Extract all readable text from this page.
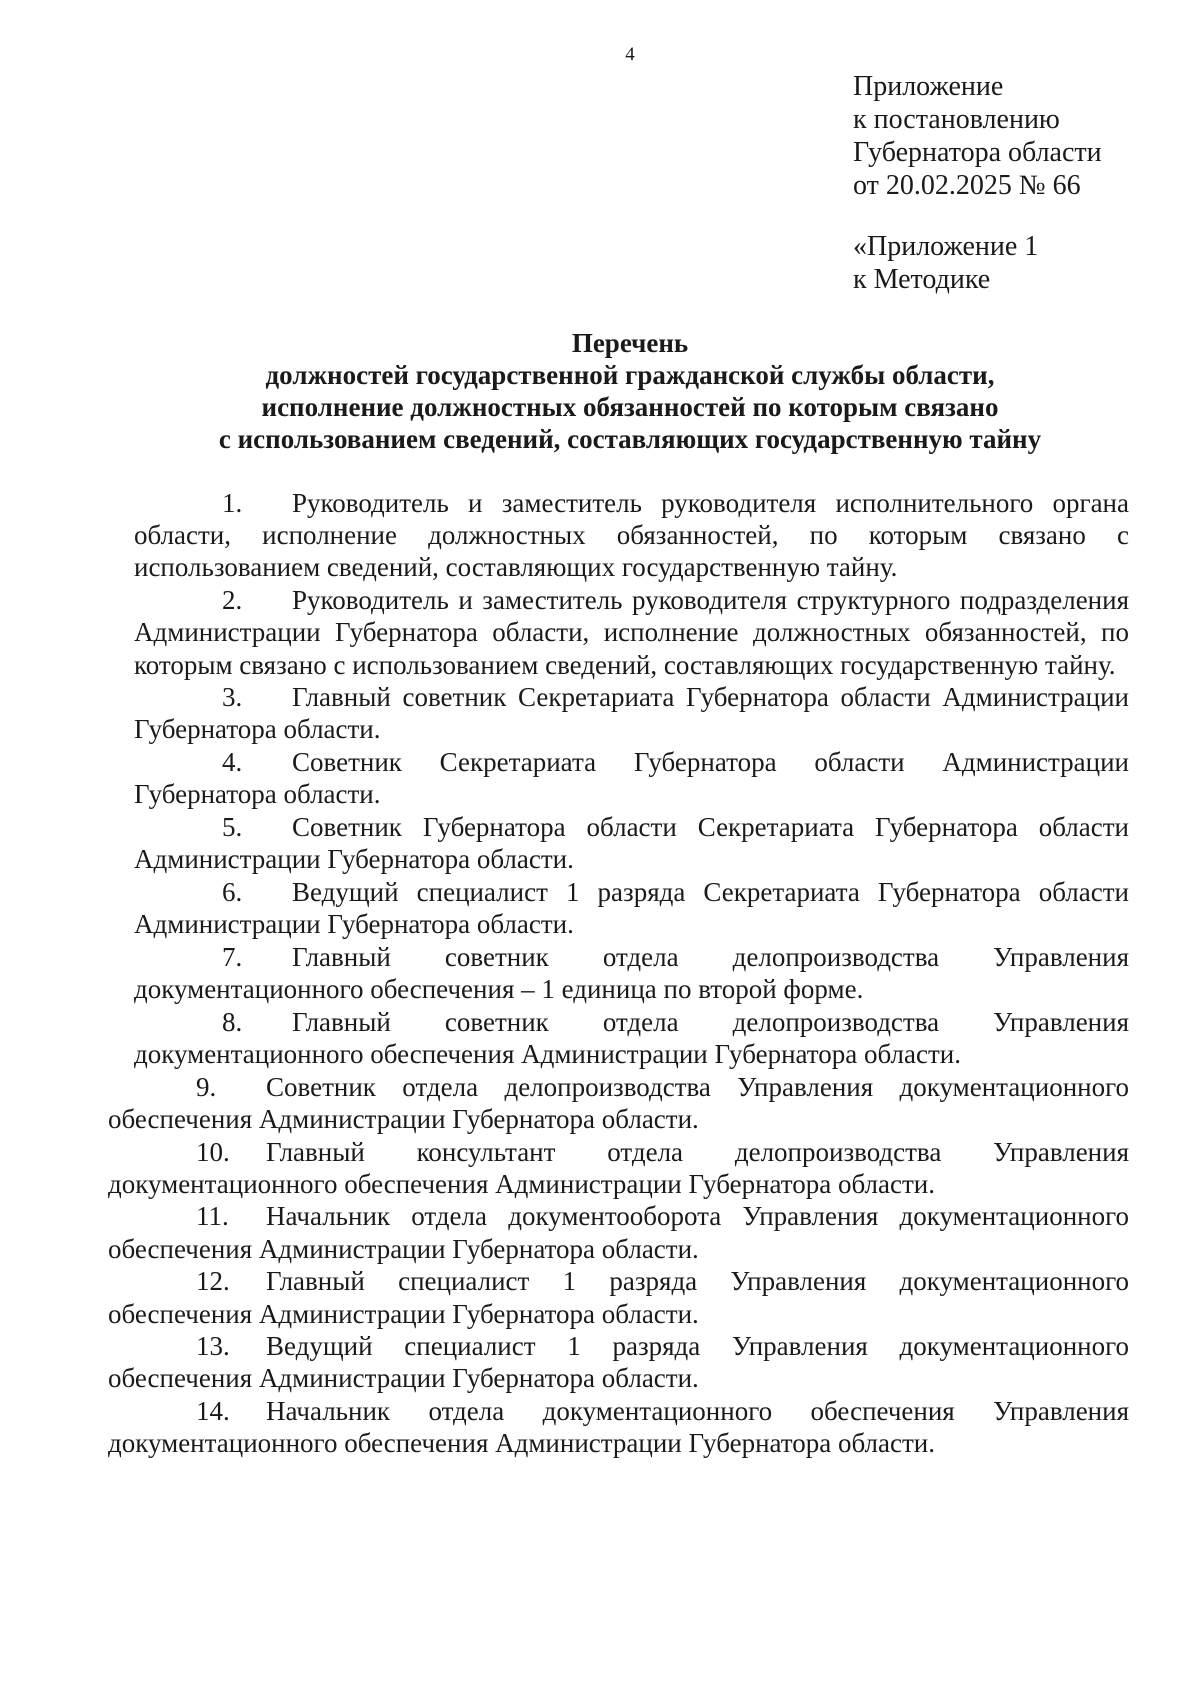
4
Приложение
к постановлению
Губернатора области
от 20.02.2025 № 66
«Приложение 1
к Методике
Перечень
должностей государственной гражданской службы области,
исполнение должностных обязанностей по которым связано
с использованием сведений, составляющих государственную тайну

1. Руководитель и заместитель руководителя исполнительного органа области, исполнение должностных обязанностей, по которым связано с использованием сведений, составляющих государственную тайну.

2. Руководитель и заместитель руководителя структурного подразделения Администрации Губернатора области, исполнение должностных обязанностей, по которым связано с использованием сведений, составляющих государственную тайну.

3. Главный советник Секретариата Губернатора области Администрации Губернатора области.

4. Советник Секретариата Губернатора области Администрации Губернатора области.

5. Советник Губернатора области Секретариата Губернатора области Администрации Губернатора области.

6. Ведущий специалист 1 разряда Секретариата Губернатора области Администрации Губернатора области.

7. Главный советник отдела делопроизводства Управления документационного обеспечения – 1 единица по второй форме.

8. Главный советник отдела делопроизводства Управления документационного обеспечения Администрации Губернатора области.

9. Советник отдела делопроизводства Управления документационного обеспечения Администрации Губернатора области.

10. Главный консультант отдела делопроизводства Управления документационного обеспечения Администрации Губернатора области.

11. Начальник отдела документооборота Управления документационного обеспечения Администрации Губернатора области.

12. Главный специалист 1 разряда Управления документационного обеспечения Администрации Губернатора области.

13. Ведущий специалист 1 разряда Управления документационного обеспечения Администрации Губернатора области.

14. Начальник отдела документационного обеспечения Управления документационного обеспечения Администрации Губернатора области.
